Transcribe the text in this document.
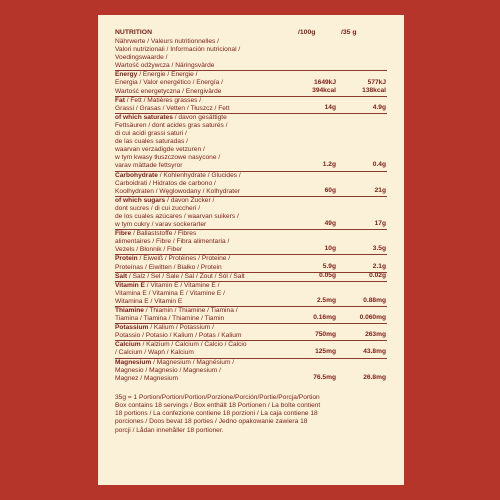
NUTRITION	/100g	/35 g
Nährwerte / Valeurs nutritionnelles /
Valori nutrizionali / Información nutricional /
Voedingswaarde /
Wartość odżywcza / Näringsvärde
Energy / Energie / Énergie /
Energia / Valor energético / Energía /
Wartość energetyczna / Energivärde
1649kJ	577kJ
394kcal	138kcal
Fat / Fett / Matières grasses /
Grassi / Grasas / Vetten / Tłuszcz / Fett	14g	4.9g
of which saturates / davon gesättigte
Fettsäuren / dont acides gras saturés /
di cui acidi grassi saturi /
de las cuales saturadas /
waarvan verzadigde vetzuren /
w tym kwasy tłuszczowe nasycone /
varav mättade fettsyror	1.2g	0.4g
Carbohydrate / Kohlenhydrate / Glucides /
Carboidrati / Hidratos de carbono /
Koolhydraten / Węglowodany / Kolhydrater	60g	21g
of which sugars / davon Zucker /
dont sucres / di cui zuccheri /
de los cuales azúcares / waarvan suikers /
w tym cukry / varav sockerarter	49g	17g
Fibre / Ballaststoffe / Fibres
alimentaires / Fibre / Fibra alimentaria /
Vezels / Błonnik / Fiber	10g	3.5g
Protein / Eiweiß / Protéines / Proteine /
Proteínas / Eiwitten / Białko / Protein	5.9g	2.1g
Salt / Salz / Sel / Sale / Sal / Zout / Sól / Salt	0.05g	0.02g
Vitamin E / Vitamin E / Vitamine E /
Vitamina E / Vitamina E / Vitamine E /
Witamina E / Vitamin E	2.5mg	0.88mg
Thiamine / Thiamin / Thiamine / Tiamina /
Tiamina / Tiamina / Thiamine / Tiamin	0.16mg	0.060mg
Potassium / Kalium / Potassium /
Potassio / Potasio / Kalium / Potas / Kalium	750mg	263mg
Calcium / Kalzium / Calcium / Calcio / Calcio
/ Calcium / Wapń / Kalcium	125mg	43.8mg
Magnesium / Magnesium / Magnésium /
Magnesio / Magnesio / Magnesium /
Magnez / Magnesium	76.5mg	26.8mg
35g = 1 Portion/Portion/Portion/Porzione/Porción/Portie/Porcja/Portion
Box contains 18 servings / Box enthält 18 Portionen / La boîte contient
18 portions / La confezione contiene 18 porzioni / La caja contiene 18
porciones / Doos bevat 18 porties / Jedno opakowanie zawiera 18
porcji / Lådan innehåller 18 portioner.
